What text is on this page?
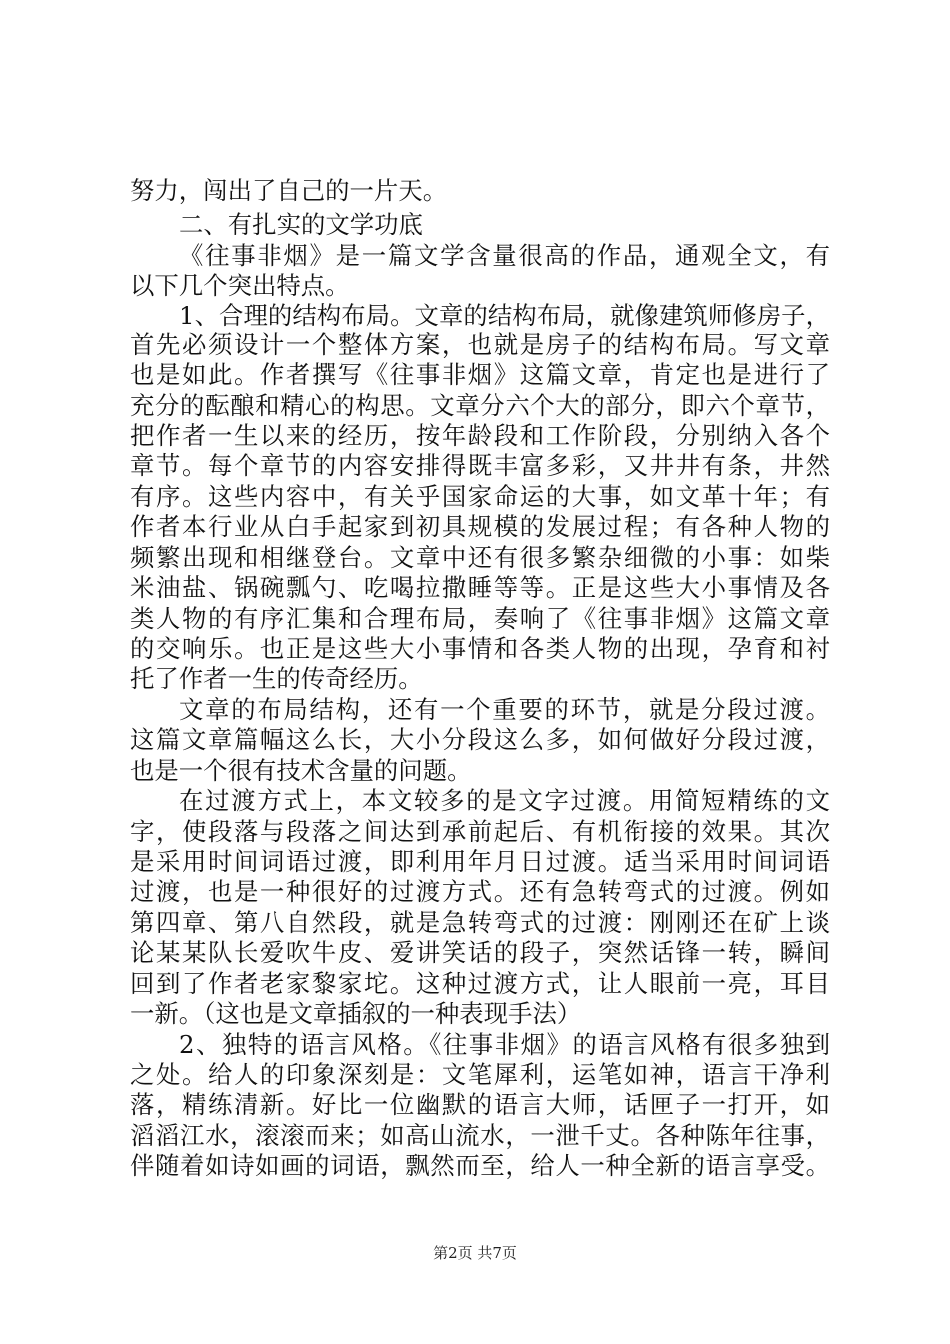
努力，闯出了自己的一片天。
二、有扎实的文学功底
《往事非烟》是一篇文学含量很高的作品，通观全文，有
以下几个突出特点。
1、合理的结构布局。文章的结构布局，就像建筑师修房子，
首先必须设计一个整体方案，也就是房子的结构布局。写文章
也是如此。作者撰写《往事非烟》这篇文章，肯定也是进行了
充分的酝酿和精心的构思。文章分六个大的部分，即六个章节，
把作者一生以来的经历，按年龄段和工作阶段，分别纳入各个
章节。每个章节的内容安排得既丰富多彩，又井井有条，井然
有序。这些内容中，有关乎国家命运的大事，如文革十年；有
作者本行业从白手起家到初具规模的发展过程；有各种人物的
频繁出现和相继登台。文章中还有很多繁杂细微的小事：如柴
米油盐、锅碗瓢勺、吃喝拉撒睡等等。正是这些大小事情及各
类人物的有序汇集和合理布局，奏响了《往事非烟》这篇文章
的交响乐。也正是这些大小事情和各类人物的出现，孕育和衬
托了作者一生的传奇经历。
文章的布局结构，还有一个重要的环节，就是分段过渡。
这篇文章篇幅这么长，大小分段这么多，如何做好分段过渡，
也是一个很有技术含量的问题。
在过渡方式上，本文较多的是文字过渡。用简短精练的文
字，使段落与段落之间达到承前起后、有机衔接的效果。其次
是采用时间词语过渡，即利用年月日过渡。适当采用时间词语
过渡，也是一种很好的过渡方式。还有急转弯式的过渡。例如
第四章、第八自然段，就是急转弯式的过渡：刚刚还在矿上谈
论某某队长爱吹牛皮、爱讲笑话的段子，突然话锋一转，瞬间
回到了作者老家黎家坨。这种过渡方式，让人眼前一亮，耳目
一新。（这也是文章插叙的一种表现手法）
2、独特的语言风格。《往事非烟》的语言风格有很多独到
之处。给人的印象深刻是：文笔犀利，运笔如神，语言干净利
落，精练清新。好比一位幽默的语言大师，话匣子一打开，如
滔滔江水，滚滚而来；如高山流水，一泄千丈。各种陈年往事，
伴随着如诗如画的词语，飘然而至，给人一种全新的语言享受。
第2页 共7页
